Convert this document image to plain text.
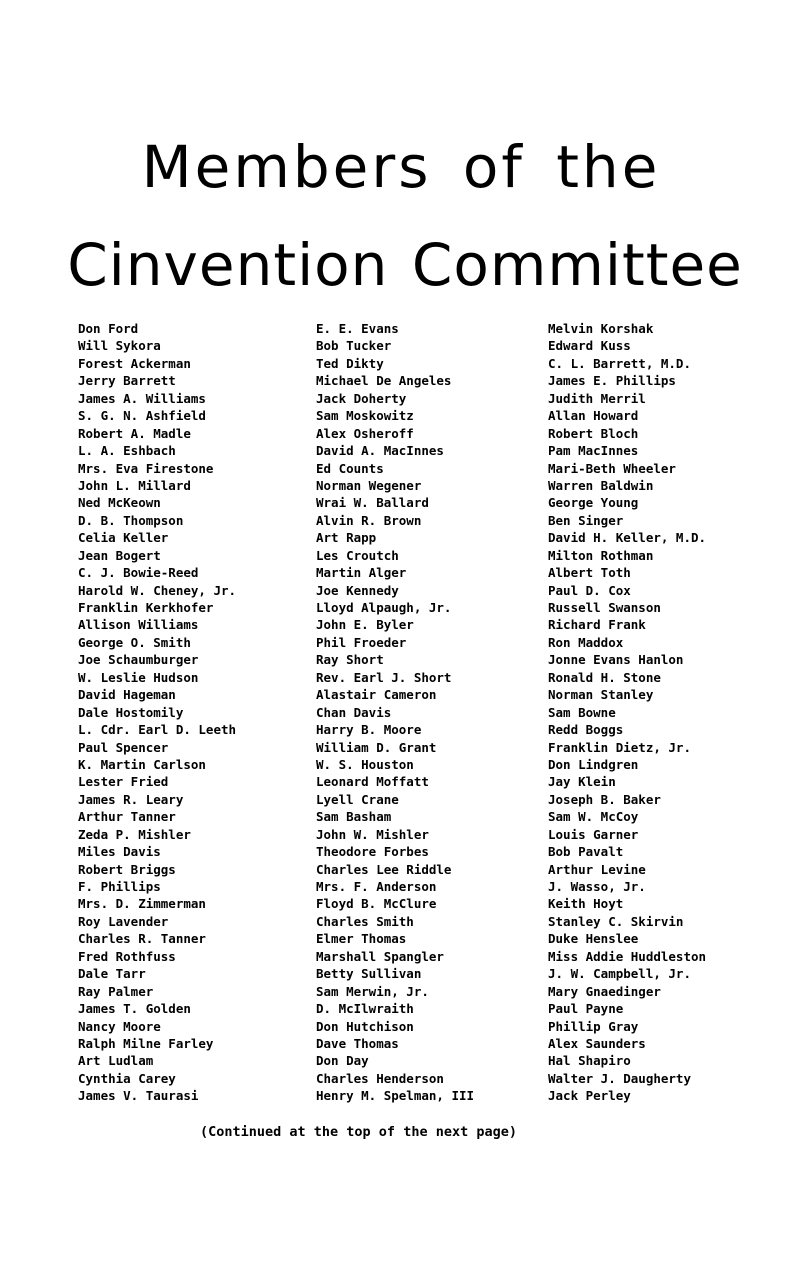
Members of the
Cinvention Committee
Don Ford
Will Sykora
Forest Ackerman
Jerry Barrett
James A. Williams
S. G. N. Ashfield
Robert A. Madle
L. A. Eshbach
Mrs. Eva Firestone
John L. Millard
Ned McKeown
D. B. Thompson
Celia Keller
Jean Bogert
C. J. Bowie-Reed
Harold W. Cheney, Jr.
Franklin Kerkhofer
Allison Williams
George O. Smith
Joe Schaumburger
W. Leslie Hudson
David Hageman
Dale Hostomily
L. Cdr. Earl D. Leeth
Paul Spencer
K. Martin Carlson
Lester Fried
James R. Leary
Arthur Tanner
Zeda P. Mishler
Miles Davis
Robert Briggs
F. Phillips
Mrs. D. Zimmerman
Roy Lavender
Charles R. Tanner
Fred Rothfuss
Dale Tarr
Ray Palmer
James T. Golden
Nancy Moore
Ralph Milne Farley
Art Ludlam
Cynthia Carey
James V. Taurasi
E. E. Evans
Bob Tucker
Ted Dikty
Michael De Angeles
Jack Doherty
Sam Moskowitz
Alex Osheroff
David A. MacInnes
Ed Counts
Norman Wegener
Wrai W. Ballard
Alvin R. Brown
Art Rapp
Les Croutch
Martin Alger
Joe Kennedy
Lloyd Alpaugh, Jr.
John E. Byler
Phil Froeder
Ray Short
Rev. Earl J. Short
Alastair Cameron
Chan Davis
Harry B. Moore
William D. Grant
W. S. Houston
Leonard Moffatt
Lyell Crane
Sam Basham
John W. Mishler
Theodore Forbes
Charles Lee Riddle
Mrs. F. Anderson
Floyd B. McClure
Charles Smith
Elmer Thomas
Marshall Spangler
Betty Sullivan
Sam Merwin, Jr.
D. McIlwraith
Don Hutchison
Dave Thomas
Don Day
Charles Henderson
Henry M. Spelman, III
Melvin Korshak
Edward Kuss
C. L. Barrett, M.D.
James E. Phillips
Judith Merril
Allan Howard
Robert Bloch
Pam MacInnes
Mari-Beth Wheeler
Warren Baldwin
George Young
Ben Singer
David H. Keller, M.D.
Milton Rothman
Albert Toth
Paul D. Cox
Russell Swanson
Richard Frank
Ron Maddox
Jonne Evans Hanlon
Ronald H. Stone
Norman Stanley
Sam Bowne
Redd Boggs
Franklin Dietz, Jr.
Don Lindgren
Jay Klein
Joseph B. Baker
Sam W. McCoy
Louis Garner
Bob Pavalt
Arthur Levine
J. Wasso, Jr.
Keith Hoyt
Stanley C. Skirvin
Duke Henslee
Miss Addie Huddleston
J. W. Campbell, Jr.
Mary Gnaedinger
Paul Payne
Phillip Gray
Alex Saunders
Hal Shapiro
Walter J. Daugherty
Jack Perley

(Continued at the top of the next page)
